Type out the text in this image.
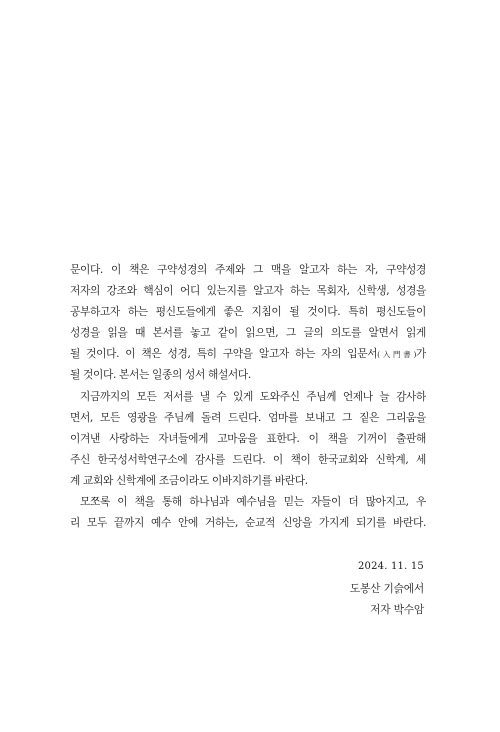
문이다. 이 책은 구약성경의 주제와 그 맥을 알고자 하는 자, 구약성경
저자의 강조와 핵심이 어디 있는지를 알고자 하는 목회자, 신학생, 성경을
공부하고자 하는 평신도들에게 좋은 지침이 될 것이다. 특히 평신도들이
성경을 읽을 때 본서를 놓고 같이 읽으면, 그 글의 의도를 알면서 읽게
될 것이다. 이 책은 성경, 특히 구약을 알고자 하는 자의 입문서(入門書)가
될 것이다. 본서는 일종의 성서 해설서다.
지금까지의 모든 저서를 낼 수 있게 도와주신 주님께 언제나 늘 감사하
면서, 모든 영광을 주님께 돌려 드린다. 엄마를 보내고 그 짙은 그리움을
이겨낸 사랑하는 자녀들에게 고마움을 표한다. 이 책을 기꺼이 출판해
주신 한국성서학연구소에 감사를 드린다. 이 책이 한국교회와 신학계, 세
계 교회와 신학계에 조금이라도 이바지하기를 바란다.
모쪼록 이 책을 통해 하나님과 예수님을 믿는 자들이 더 많아지고, 우
리 모두 끝까지 예수 안에 거하는, 순교적 신앙을 가지게 되기를 바란다.
2024. 11. 15
도봉산 기슭에서
저자 박수암
